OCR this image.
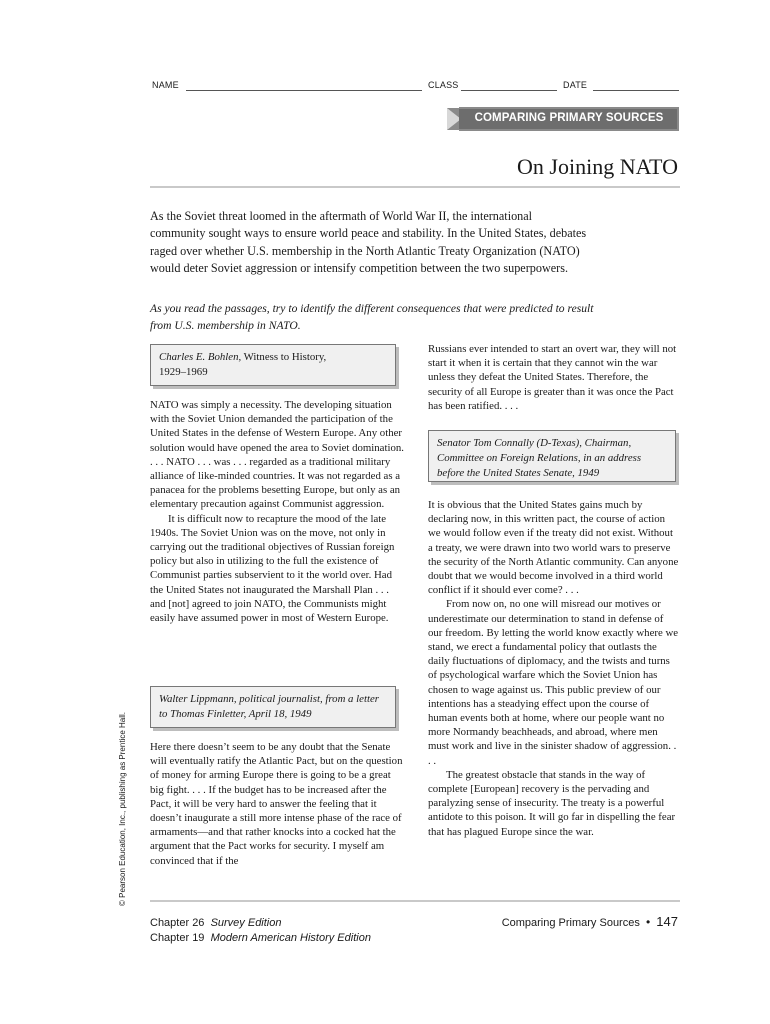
NAME	CLASS	DATE
COMPARING PRIMARY SOURCES
On Joining NATO
As the Soviet threat loomed in the aftermath of World War II, the international community sought ways to ensure world peace and stability. In the United States, debates raged over whether U.S. membership in the North Atlantic Treaty Organization (NATO) would deter Soviet aggression or intensify competition between the two superpowers.
As you read the passages, try to identify the different consequences that were predicted to result from U.S. membership in NATO.
Charles E. Bohlen, Witness to History,
1929–1969

NATO was simply a necessity. The developing situation with the Soviet Union demanded the participation of the United States in the defense of Western Europe. Any other solution would have opened the area to Soviet domination. . . . NATO . . . was . . . regarded as a traditional military alliance of like-minded countries. It was not regarded as a panacea for the problems besetting Europe, but only as an elementary precaution against Communist aggression.

It is difficult now to recapture the mood of the late 1940s. The Soviet Union was on the move, not only in carrying out the traditional objectives of Russian foreign policy but also in utilizing to the full the existence of Communist parties subservient to it the world over. Had the United States not inaugurated the Marshall Plan . . . and [not] agreed to join NATO, the Communists might easily have assumed power in most of Western Europe.

Walter Lippmann, political journalist, from a letter to Thomas Finletter, April 18, 1949

Here there doesn’t seem to be any doubt that the Senate will eventually ratify the Atlantic Pact, but on the question of money for arming Europe there is going to be a great big fight. . . . If the budget has to be increased after the Pact, it will be very hard to answer the feeling that it doesn’t inaugurate a still more intense phase of the race of armaments—and that rather knocks into a cocked hat the argument that the Pact works for security. I myself am convinced that if the

Russians ever intended to start an overt war, they will not start it when it is certain that they cannot win the war unless they defeat the United States. Therefore, the security of all Europe is greater than it was once the Pact has been ratified. . . .

Senator Tom Connally (D-Texas), Chairman, Committee on Foreign Relations, in an address before the United States Senate, 1949

It is obvious that the United States gains much by declaring now, in this written pact, the course of action we would follow even if the treaty did not exist. Without a treaty, we were drawn into two world wars to preserve the security of the North Atlantic community. Can anyone doubt that we would become involved in a third world conflict if it should ever come? . . .

From now on, no one will misread our motives or underestimate our determination to stand in defense of our freedom. By letting the world know exactly where we stand, we erect a fundamental policy that outlasts the daily fluctuations of diplomacy, and the twists and turns of psychological warfare which the Soviet Union has chosen to wage against us. This public preview of our intentions has a steadying effect upon the course of human events both at home, where our people want no more Normandy beachheads, and abroad, where men must work and live in the sinister shadow of aggression. . . .

The greatest obstacle that stands in the way of complete [European] recovery is the pervading and paralyzing sense of insecurity. The treaty is a powerful antidote to this poison. It will go far in dispelling the fear that has plagued Europe since the war.

© Pearson Education, Inc., publishing as Prentice Hall.
Chapter 26 Survey Edition
Chapter 19 Modern American History Edition
Comparing Primary Sources • 147
